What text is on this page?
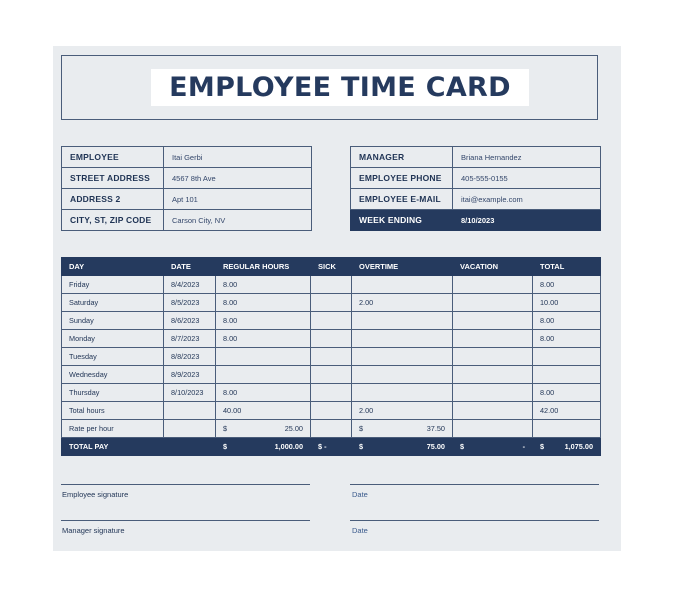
EMPLOYEE TIME CARD
EMPLOYEE	Itai Gerbi
STREET ADDRESS	4567 8th Ave
ADDRESS 2	Apt 101
CITY, ST, ZIP CODE	Carson City, NV
MANAGER	Briana Hernandez
EMPLOYEE PHONE	405-555-0155
EMPLOYEE E-MAIL	itai@example.com
WEEK ENDING	8/10/2023
DAY	DATE	REGULAR HOURS	SICK	OVERTIME	VACATION	TOTAL
Friday	8/4/2023	8.00				8.00
Saturday	8/5/2023	8.00		2.00		10.00
Sunday	8/6/2023	8.00				8.00
Monday	8/7/2023	8.00				8.00
Tuesday	8/8/2023					
Wednesday	8/9/2023					
Thursday	8/10/2023	8.00				8.00
Total hours		40.00		2.00		42.00
Rate per hour		$ 25.00		$ 37.50		

TOTAL PAY		$ 1,000.00	$ -	$ 75.00	$ -	$ 1,075.00
Employee signature	Date
Manager signature	Date
